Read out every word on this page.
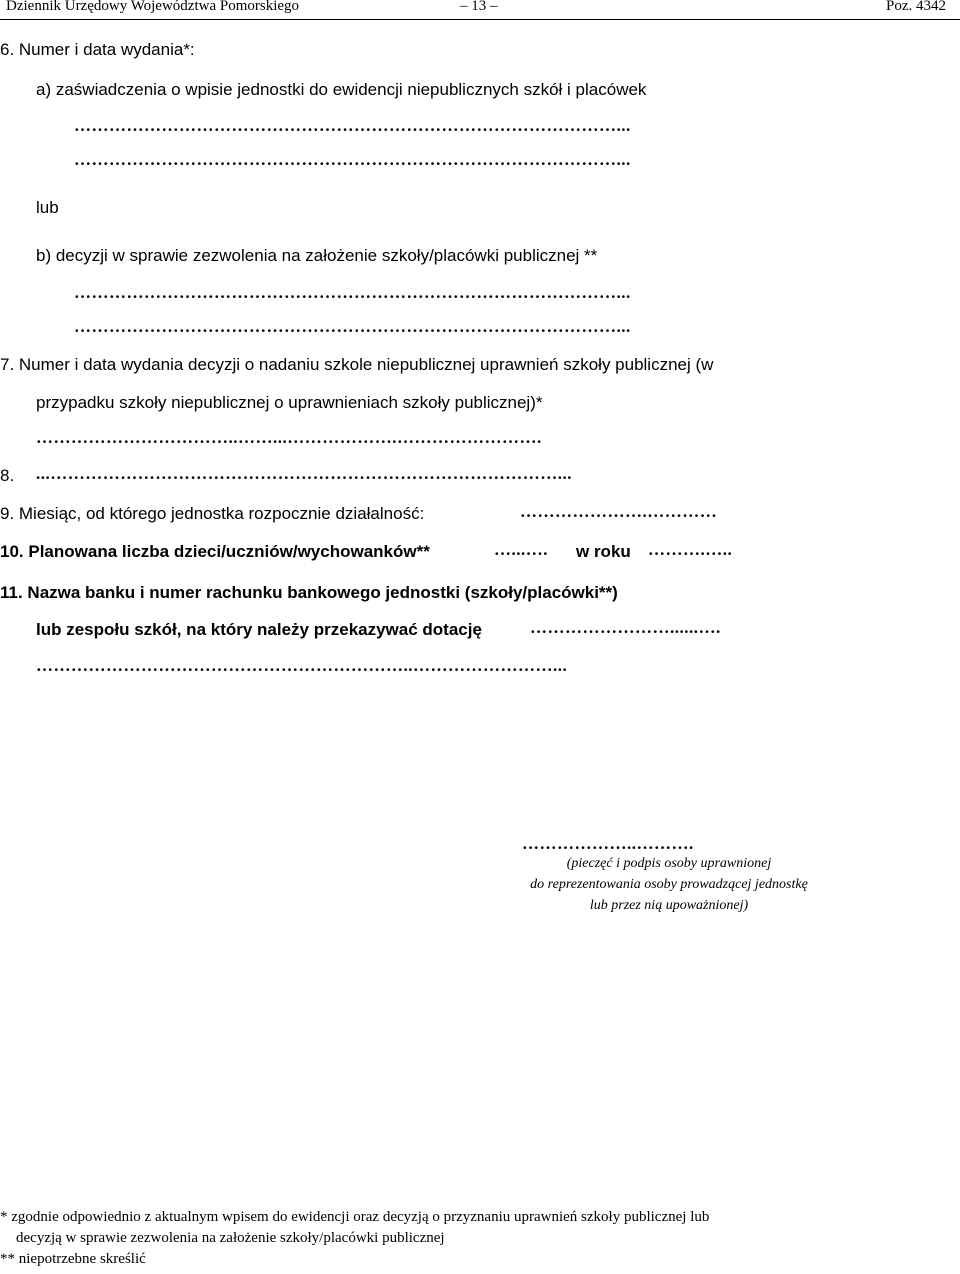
Dziennik Urzędowy Województwa Pomorskiego	– 13 –	Poz. 4342
6. Numer i data wydania*:
a) zaświadczenia o wpisie jednostki do ewidencji niepublicznych szkół i placówek
…………………………………………………………………………………...
…………………………………………………………………………………...
lub
b) decyzji w sprawie zezwolenia na założenie szkoły/placówki publicznej **
…………………………………………………………………………………...
…………………………………………………………………………………...
7. Numer i data wydania decyzji o nadaniu szkole niepublicznej uprawnień szkoły publicznej (w
przypadku szkoły niepublicznej o uprawnieniach szkoły publicznej)*
……………………………..……...……………….…………………….
8. ...……………………………………………………………………………...
9. Miesiąc, od którego jednostka rozpocznie działalność:	………………….…………
10. Planowana liczba dzieci/uczniów/wychowanków**	…...…. w roku ……….…..
11. Nazwa banku i numer rachunku bankowego jednostki (szkoły/placówki**)
lub zespołu szkół, na który należy przekazywać dotację	……………………......….
………………………………………………………..……………………...
………………..……….
(pieczęć i podpis osoby uprawnionej
do reprezentowania osoby prowadzącej jednostkę
lub przez nią upoważnionej)
* zgodnie odpowiednio z aktualnym wpisem do ewidencji oraz decyzją o przyznaniu uprawnień szkoły publicznej lub
decyzją w sprawie zezwolenia na założenie szkoły/placówki publicznej
** niepotrzebne skreślić
